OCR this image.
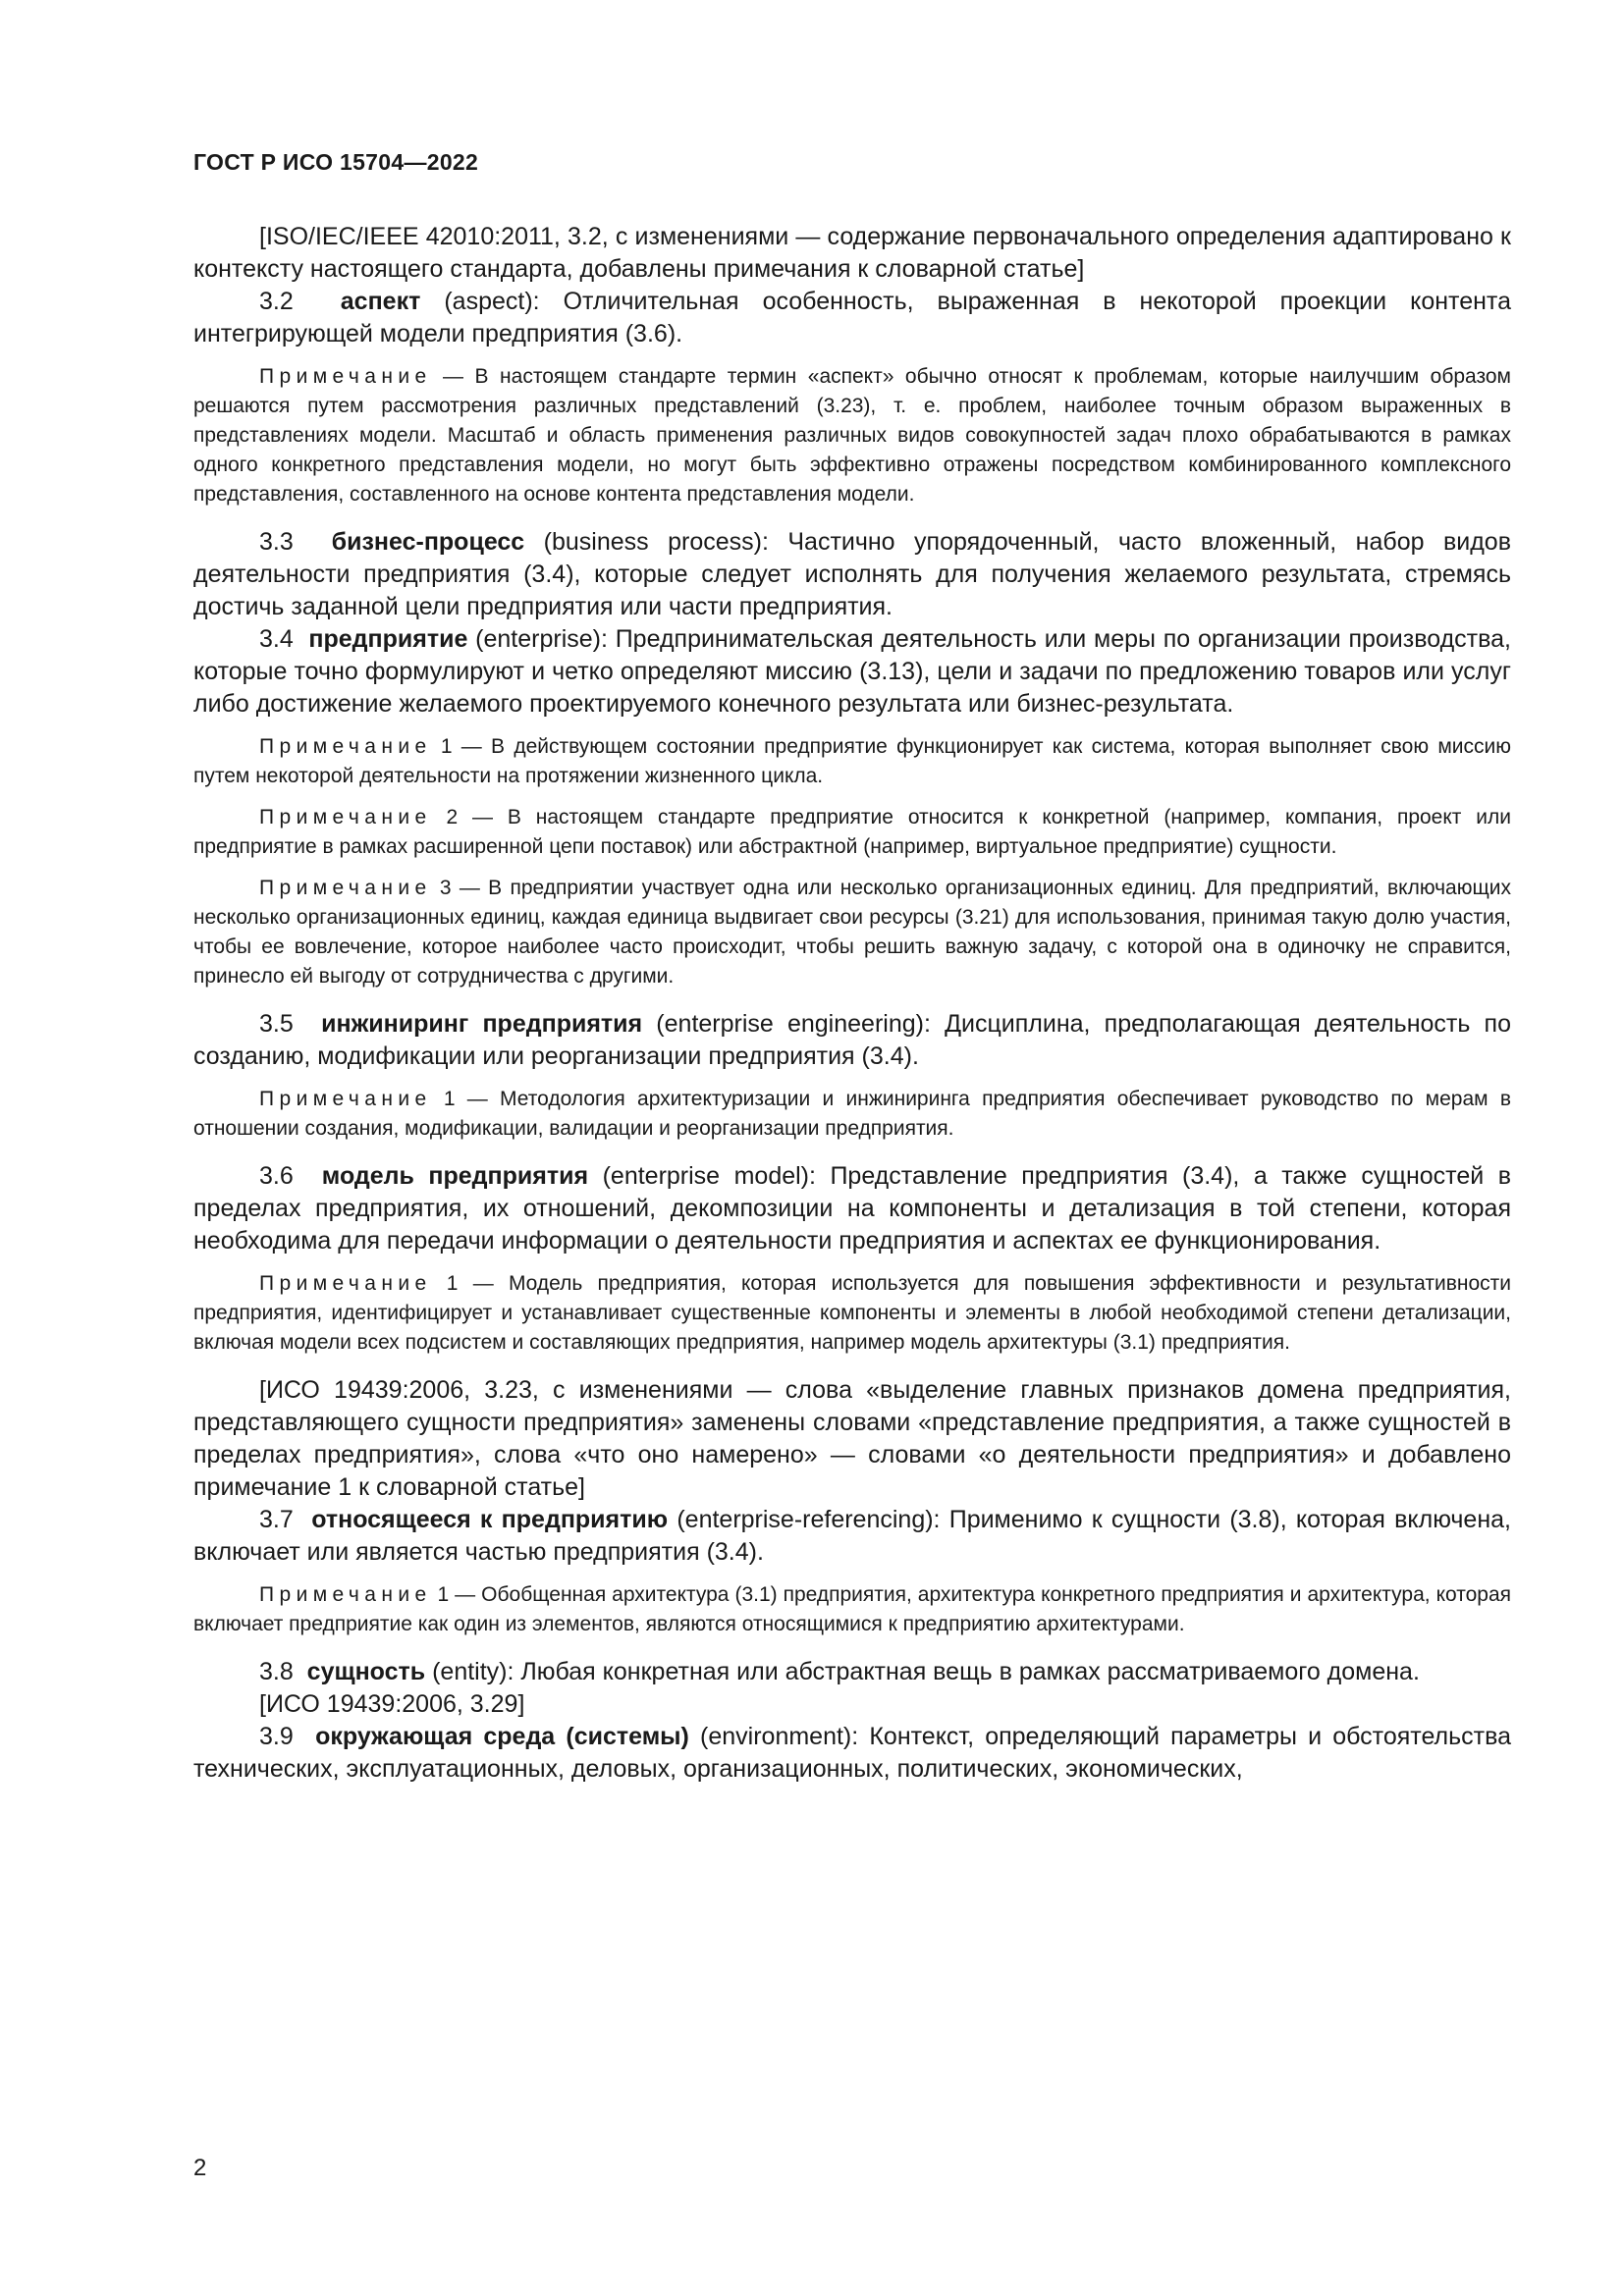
ГОСТ Р ИСО 15704—2022

[ISO/IEC/IEEE 42010:2011, 3.2, с изменениями — содержание первоначального определения адаптировано к контексту настоящего стандарта, добавлены примечания к словарной статье]

3.2 аспект (aspect): Отличительная особенность, выраженная в некоторой проекции контента интегрирующей модели предприятия (3.6).

Примечание — В настоящем стандарте термин «аспект» обычно относят к проблемам, которые наилучшим образом решаются путем рассмотрения различных представлений (3.23), т. е. проблем, наиболее точным образом выраженных в представлениях модели. Масштаб и область применения различных видов совокупностей задач плохо обрабатываются в рамках одного конкретного представления модели, но могут быть эффективно отражены посредством комбинированного комплексного представления, составленного на основе контента представления модели.

3.3 бизнес-процесс (business process): Частично упорядоченный, часто вложенный, набор видов деятельности предприятия (3.4), которые следует исполнять для получения желаемого результата, стремясь достичь заданной цели предприятия или части предприятия.

3.4 предприятие (enterprise): Предпринимательская деятельность или меры по организации производства, которые точно формулируют и четко определяют миссию (3.13), цели и задачи по предложению товаров или услуг либо достижение желаемого проектируемого конечного результата или бизнес-результата.

Примечание 1 — В действующем состоянии предприятие функционирует как система, которая выполняет свою миссию путем некоторой деятельности на протяжении жизненного цикла.

Примечание 2 — В настоящем стандарте предприятие относится к конкретной (например, компания, проект или предприятие в рамках расширенной цепи поставок) или абстрактной (например, виртуальное предприятие) сущности.

Примечание 3 — В предприятии участвует одна или несколько организационных единиц. Для предприятий, включающих несколько организационных единиц, каждая единица выдвигает свои ресурсы (3.21) для использования, принимая такую долю участия, чтобы ее вовлечение, которое наиболее часто происходит, чтобы решить важную задачу, с которой она в одиночку не справится, принесло ей выгоду от сотрудничества с другими.

3.5 инжиниринг предприятия (enterprise engineering): Дисциплина, предполагающая деятельность по созданию, модификации или реорганизации предприятия (3.4).

Примечание 1 — Методология архитектуризации и инжиниринга предприятия обеспечивает руководство по мерам в отношении создания, модификации, валидации и реорганизации предприятия.

3.6 модель предприятия (enterprise model): Представление предприятия (3.4), а также сущностей в пределах предприятия, их отношений, декомпозиции на компоненты и детализация в той степени, которая необходима для передачи информации о деятельности предприятия и аспектах ее функционирования.

Примечание 1 — Модель предприятия, которая используется для повышения эффективности и результативности предприятия, идентифицирует и устанавливает существенные компоненты и элементы в любой необходимой степени детализации, включая модели всех подсистем и составляющих предприятия, например модель архитектуры (3.1) предприятия.

[ИСО 19439:2006, 3.23, с изменениями — слова «выделение главных признаков домена предприятия, представляющего сущности предприятия» заменены словами «представление предприятия, а также сущностей в пределах предприятия», слова «что оно намерено» — словами «о деятельности предприятия» и добавлено примечание 1 к словарной статье]

3.7 относящееся к предприятию (enterprise-referencing): Применимо к сущности (3.8), которая включена, включает или является частью предприятия (3.4).

Примечание 1 — Обобщенная архитектура (3.1) предприятия, архитектура конкретного предприятия и архитектура, которая включает предприятие как один из элементов, являются относящимися к предприятию архитектурами.

3.8 сущность (entity): Любая конкретная или абстрактная вещь в рамках рассматриваемого домена.

[ИСО 19439:2006, 3.29]

3.9 окружающая среда (системы) (environment): Контекст, определяющий параметры и обстоятельства технических, эксплуатационных, деловых, организационных, политических, экономических,

2
